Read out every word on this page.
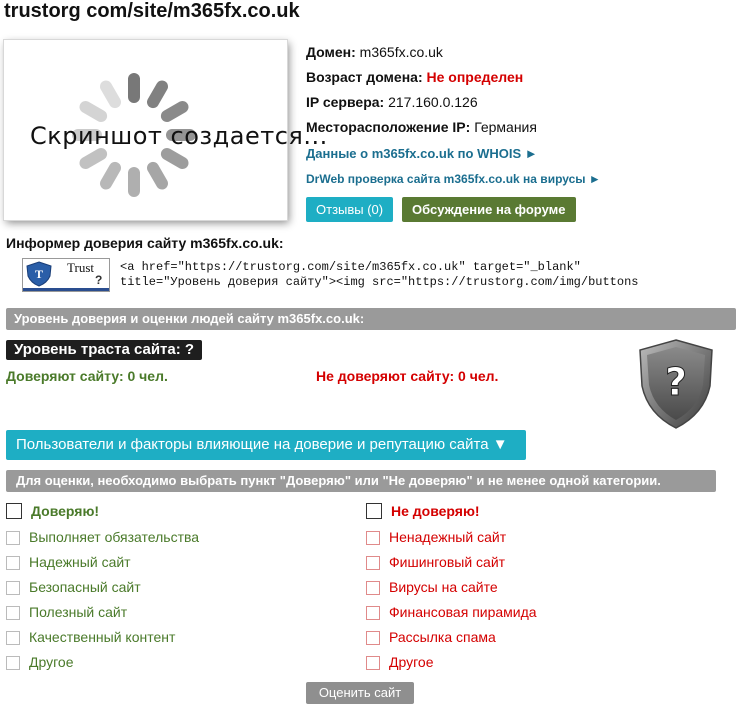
trustorg com/site/m365fx.co.uk
Скриншот создается...
Домен: m365fx.co.uk
Возраст домена: Не определен
IP сервера: 217.160.0.126
Месторасположение IP: Германия
Данные о m365fx.co.uk по WHOIS ►
DrWeb проверка сайта m365fx.co.uk на вирусы ►
Отзывы (0)	Обсуждение на форуме
Информер доверия сайту m365fx.co.uk:
T Trust
?
<a href="https://trustorg.com/site/m365fx.co.uk" target="_blank"
title="Уровень доверия сайту"><img src="https://trustorg.com/img/buttons	⠀⠀
Уровень доверия и оценки людей сайту m365fx.co.uk:
Уровень траста сайта: ?
Доверяют сайту: 0 чел.	Не доверяют сайту: 0 чел.	?
Пользователи и факторы влияющие на доверие и репутацию сайта ▼
Для оценки, необходимо выбрать пункт "Доверяю" или "Не доверяю" и не менее одной категории.
Доверяю!
Выполняет обязательства
Надежный сайт
Безопасный сайт
Полезный сайт
Качественный контент
Другое
Не доверяю!
Ненадежный сайт
Фишинговый сайт
Вирусы на сайте
Финансовая пирамида
Рассылка спама
Другое
Оценить сайт
